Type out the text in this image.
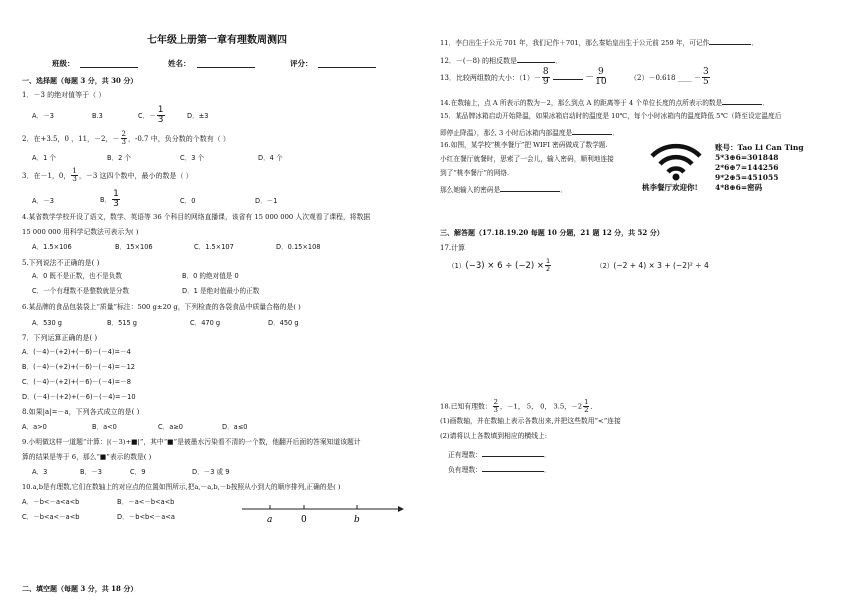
七年级上册第一章有理数周测四
班级：	姓名：	评分：
一、选择题（每题 3 分，共 30 分）
1．－3 的绝对值等于（ ）
A．－3	B.3	C．－ $\frac{1}{3}$	D．±3
2．在+3.5，0 ，11，－2，－ $\frac{2}{3}$ ，-0.7 中，负分数的个数有（ ）
A．1 个	B．2 个	C．3 个	D．4 个
3．在－1，0， $\frac{1}{3}$ ，－3 这四个数中，最小的数是（ ）
A．－3	B． $\frac{1}{3}$	C．0	D．－1
4.某省数学学校开设了语文，数学、英语等 36 个科目的网络直播课，该省有 15 000 000 人次观看了课程，将数据
15 000 000 用科学记数法可表示为( )
A．1.5×106	B．15×106	C．1.5×107	D．0.15×108
5.下列说法不正确的是( )
A．0 既不是正数，也不是负数	B．0 的绝对值是 0
C．一个有理数不是整数就是分数	D．1 是绝对值最小的正数
6.某品牌的食品包装袋上“质量”标注：500 g±20 g，下列检查的各袋食品中质量合格的是( )
A．530 g	B．515 g	C．470 g	D．450 g
7．下列运算正确的是( )
A．(－4)－(+2)+(－6)－(－4)=－4
B．(－4)－(+2)+(－6)－(－4)=－12
C．(－4)－(+2)+(－6)－(－4)=－8
D．(－4)－(+2)+(－6)－(－4)=－10
8.如果|a|=－a，下列各式成立的是( )
A．a>0	B．a<0	C．a≥0	D．a≤0
9.小明做这样一道题“计算：|(－3)+■|”，其中“■”是被墨水污染看不清的一个数，他翻开后面的答案知道该题计
算的结果是等于 6，那么“■”表示的数是( )
A．3	B．－3	C．9	D．－3 或 9
10.a,b是有理数,它们在数轴上的对应点的位置如图所示,把a,－a,b,－b按照从小到大的顺序排列,正确的是( )
A．－b<－a<a<b	B．－a<－b<a<b
C．－b<a<－a<b	D．－b<b<－a<a	a	0	b
二、填空题（每题 3 分，共 18 分）
11．李白出生于公元 701 年，我们记作＋701，那么秦始皇出生于公元前 259 年，可记作	．
12．－(－8) 的相反数是	．
13．比较两组数的大小：$(1)- \frac{8}{9}$	－ $\frac{9}{10}$	（2）－0.618 ____ － $\frac{3}{5}$
14.在数轴上，点 A 所表示的数为－2，那么到点 A 的距离等于 4 个单位长度的点所表示的数是	．
15．某品牌冰箱启动开始降温，如果冰箱启动时的温度是 10℃，每个小时冰箱内的温度降低 5℃（降至设定温度后
即停止降温），那么 3 小时后冰箱内部温度是	．
16.如图，某学校“桃李餐厅”把 WIFI 密码做成了数学题.
小红在餐厅就餐时，思索了一会儿，输入密码，顺利地连接
到了“桃李餐厅”的网络.
那么她输入的密码是	．
账号：Tao Li Can Ting
5*3⊕6=301848
2*6⊕7=144256
9*2⊕5=451055
4*8⊕6=密码
桃李餐厅欢迎你!
三、解答题（17.18.19.20 每题 10 分题，21 题 12 分，共 52 分）
17.计算
$(1)(-3) \times 6 \div (-2) \times \frac{1}{2}$	（2）(−2 + 4) × 3 + (−2)² ÷ 4
18.已知有理数： $\frac{2}{3}$ ，－1， 5， 0， 3.5，$-2 \frac{1}{2}$ ．
(1)画数轴，并在数轴上表示各数出来,并把这些数用“<”连接
(2)请将以上各数填到相应的横线上:
正有理数：	．
负有理数：	．
